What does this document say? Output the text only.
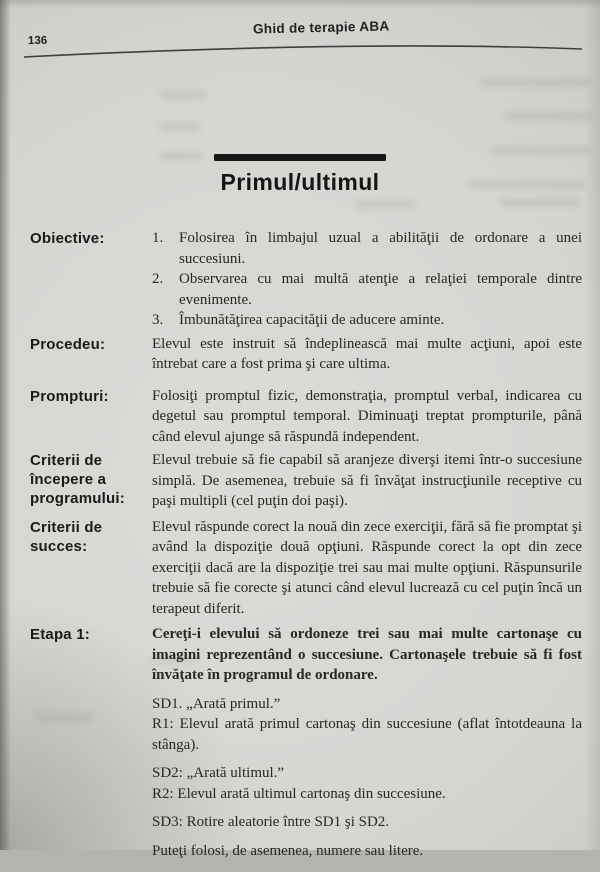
136
Ghid de terapie ABA
Primul/ultimul
Obiective:	1.	Folosirea în limbajul uzual a abilităţii de ordonare a unei succesiuni.
2.	Observarea cu mai multă atenţie a relaţiei temporale dintre evenimente.
3.	Îmbunătăţirea capacităţii de aducere aminte.
Procedeu:	Elevul este instruit să îndeplinească mai multe acţiuni, apoi este întrebat care a fost prima şi care ultima.

Prompturi:	Folosiţi promptul fizic, demonstraţia, promptul verbal, indicarea cu degetul sau promptul temporal. Diminuaţi treptat prompturile, până când elevul ajunge să răspundă independent.

Criterii de începere a programului:

Elevul trebuie să fie capabil să aranjeze diverşi itemi într-o succesiune simplă. De asemenea, trebuie să fi învăţat instrucţiunile receptive cu paşi multipli (cel puţin doi paşi).

Criterii de succes:

Elevul răspunde corect la nouă din zece exerciţii, fără să fie promptat şi având la dispoziţie două opţiuni. Răspunde corect la opt din zece exerciţii dacă are la dispoziţie trei sau mai multe opţiuni. Răspunsurile trebuie să fie corecte şi atunci când elevul lucrează cu cel puţin încă un terapeut diferit.

Etapa 1:	Cereţi-i elevului să ordoneze trei sau mai multe cartonaşe cu imagini reprezentând o succesiune. Cartonaşele trebuie să fi fost învăţate în programul de ordonare.

SD1. „Arată primul.”
R1: Elevul arată primul cartonaş din succesiune (aflat întotdeauna la stânga).

SD2: „Arată ultimul.”
R2: Elevul arată ultimul cartonaş din succesiune.

SD3: Rotire aleatorie între SD1 şi SD2.

Puteţi folosi, de asemenea, numere sau litere.
